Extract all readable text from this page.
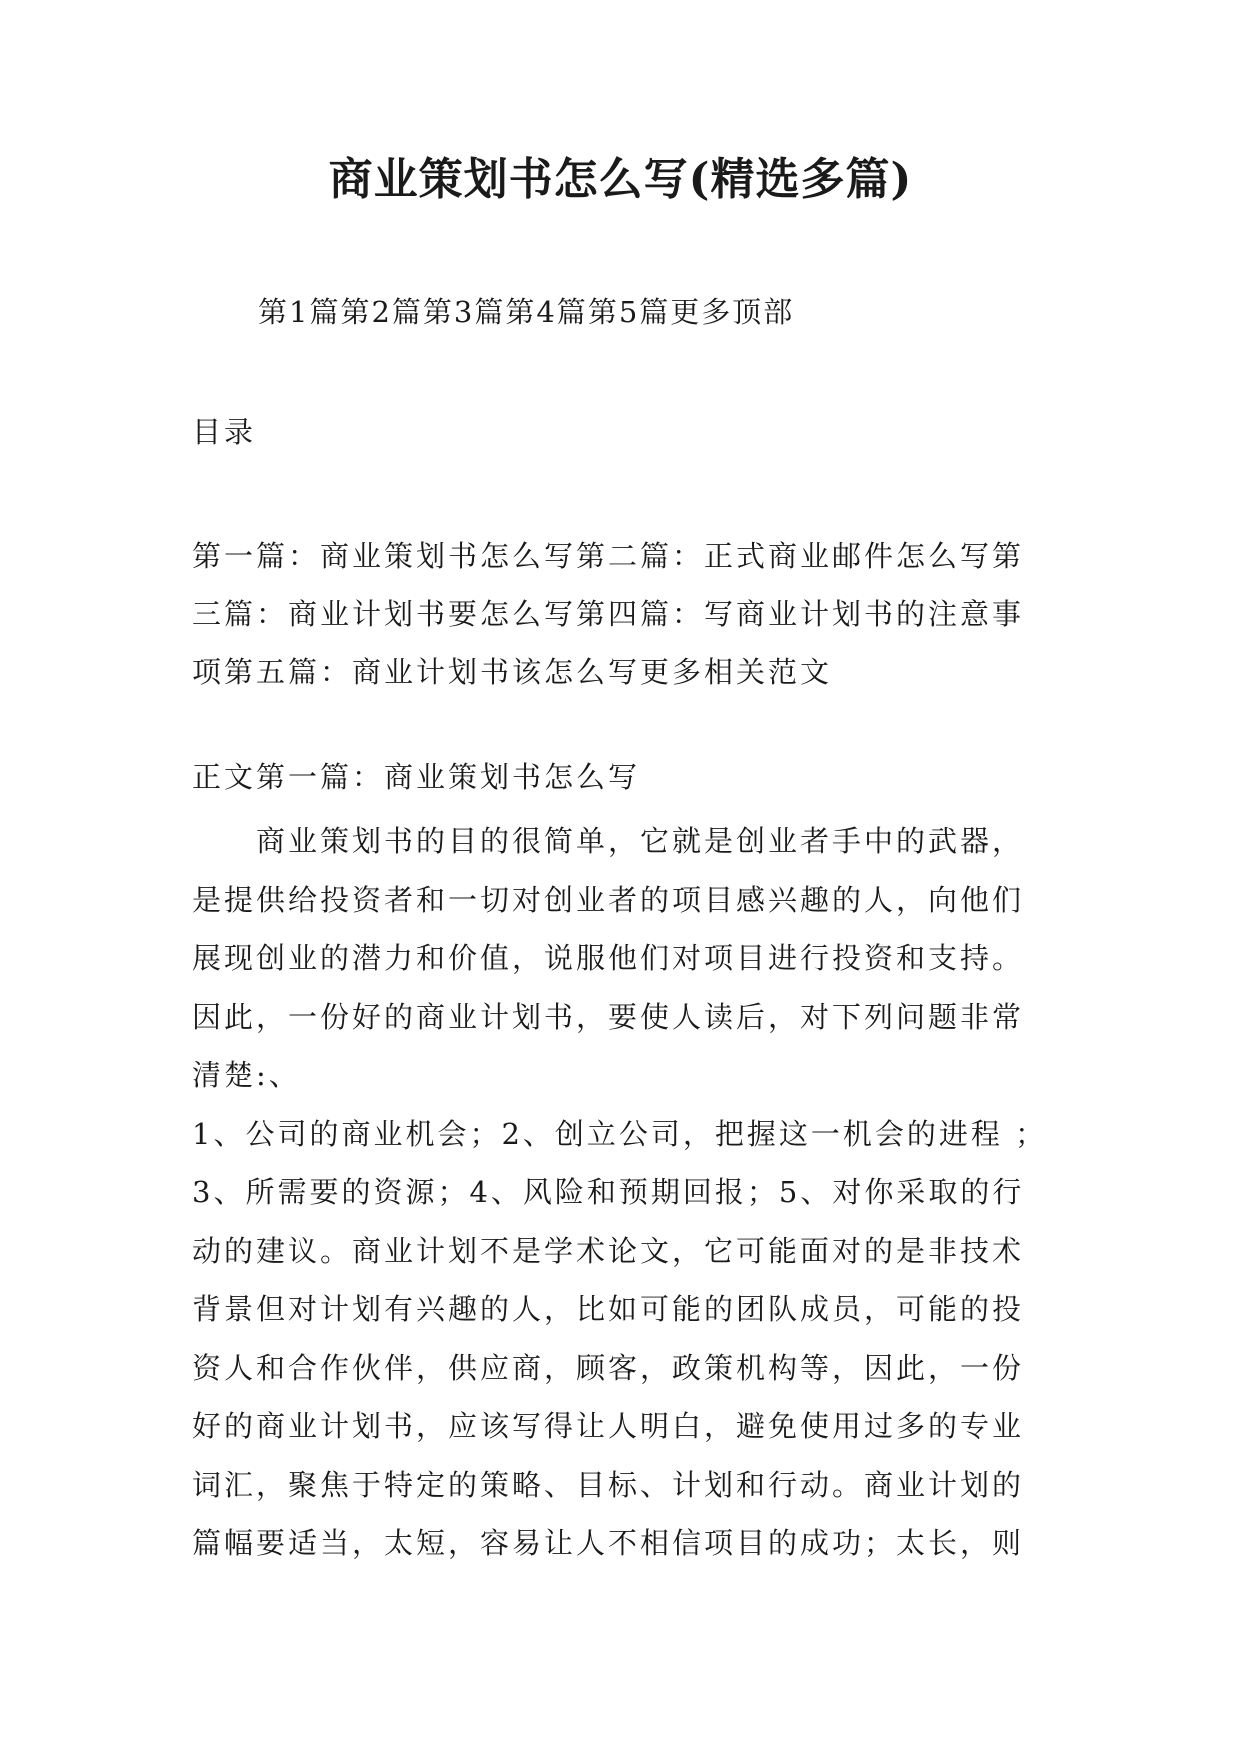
商业策划书怎么写(精选多篇)
第1篇第2篇第3篇第4篇第5篇更多顶部
目录
第一篇：商业策划书怎么写第二篇：正式商业邮件怎么写第
三篇：商业计划书要怎么写第四篇：写商业计划书的注意事
项第五篇：商业计划书该怎么写更多相关范文
正文第一篇：商业策划书怎么写
商业策划书的目的很简单，它就是创业者手中的武器，
是提供给投资者和一切对创业者的项目感兴趣的人，向他们
展现创业的潜力和价值，说服他们对项目进行投资和支持。
因此，一份好的商业计划书，要使人读后，对下列问题非常
清楚:、
1、公司的商业机会；2、创立公司，把握这一机会的进程 ；
3、所需要的资源；4、风险和预期回报；5、对你采取的行
动的建议。商业计划不是学术论文，它可能面对的是非技术
背景但对计划有兴趣的人，比如可能的团队成员，可能的投
资人和合作伙伴，供应商，顾客，政策机构等，因此，一份
好的商业计划书，应该写得让人明白，避免使用过多的专业
词汇，聚焦于特定的策略、目标、计划和行动。商业计划的
篇幅要适当，太短，容易让人不相信项目的成功；太长，则
